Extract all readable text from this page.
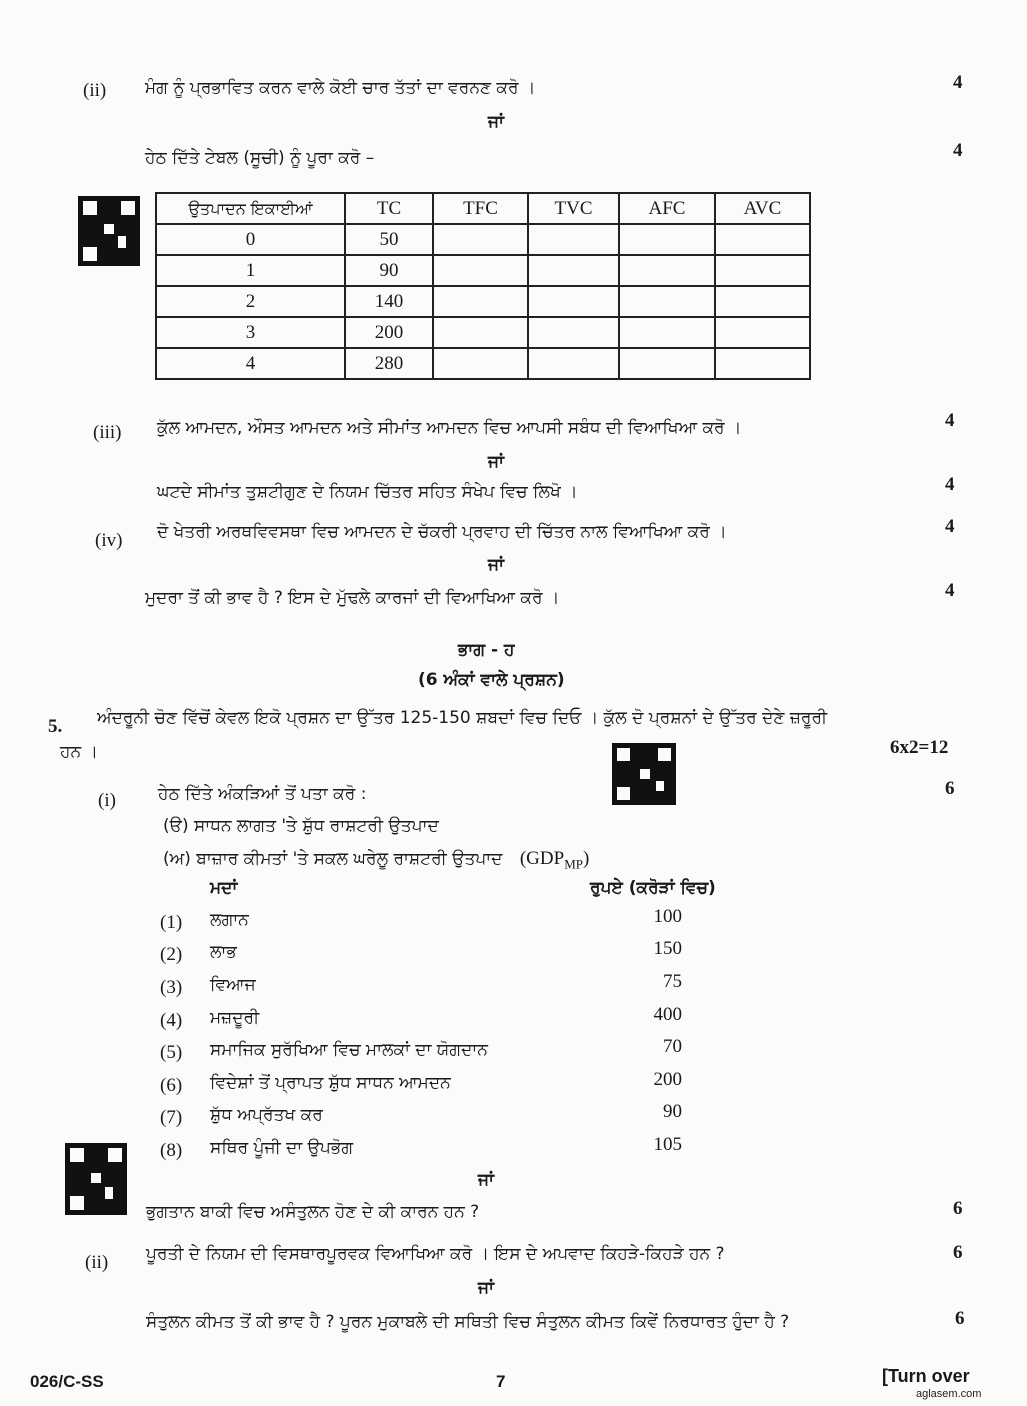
(ii) ਮੰਗ ਨੂੰ ਪ੍ਰਭਾਵਿਤ ਕਰਨ ਵਾਲੇ ਕੋਈ ਚਾਰ ਤੱਤਾਂ ਦਾ ਵਰਨਣ ਕਰੋ ।	4
ਜਾਂ
ਹੇਠ ਦਿੱਤੇ ਟੇਬਲ (ਸੂਚੀ) ਨੂੰ ਪੂਰਾ ਕਰੋ –	4
ਉਤਪਾਦਨ ਇਕਾਈਆਂ	TC	TFC	TVC	AFC	AVC
0	50				
1	90				
2	140				
3	200				
4	280				
(iii) ਕੁੱਲ ਆਮਦਨ, ਔਸਤ ਆਮਦਨ ਅਤੇ ਸੀਮਾਂਤ ਆਮਦਨ ਵਿਚ ਆਪਸੀ ਸਬੰਧ ਦੀ ਵਿਆਖਿਆ ਕਰੋ ।	4
ਜਾਂ
ਘਟਦੇ ਸੀਮਾਂਤ ਤੁਸ਼ਟੀਗੁਣ ਦੇ ਨਿਯਮ ਚਿੱਤਰ ਸਹਿਤ ਸੰਖੇਪ ਵਿਚ ਲਿਖੋ ।	4
(iv) ਦੋ ਖੇਤਰੀ ਅਰਥਵਿਵਸਥਾ ਵਿਚ ਆਮਦਨ ਦੇ ਚੱਕਰੀ ਪ੍ਰਵਾਹ ਦੀ ਚਿੱਤਰ ਨਾਲ ਵਿਆਖਿਆ ਕਰੋ ।	4
ਜਾਂ
ਮੁਦਰਾ ਤੋਂ ਕੀ ਭਾਵ ਹੈ ? ਇਸ ਦੇ ਮੁੱਢਲੇ ਕਾਰਜਾਂ ਦੀ ਵਿਆਖਿਆ ਕਰੋ ।	4
ਭਾਗ - ਹ
(6 ਅੰਕਾਂ ਵਾਲੇ ਪ੍ਰਸ਼ਨ)
5. ਅੰਦਰੂਨੀ ਚੋਣ ਵਿੱਚੋਂ ਕੇਵਲ ਇਕੋ ਪ੍ਰਸ਼ਨ ਦਾ ਉੱਤਰ 125-150 ਸ਼ਬਦਾਂ ਵਿਚ ਦਿਓ । ਕੁੱਲ ਦੋ ਪ੍ਰਸ਼ਨਾਂ ਦੇ ਉੱਤਰ ਦੇਣੇ ਜ਼ਰੂਰੀ
ਹਨ ।	6x2=12
(i) ਹੇਠ ਦਿੱਤੇ ਅੰਕੜਿਆਂ ਤੋਂ ਪਤਾ ਕਰੋ :	6
(ੳ) ਸਾਧਨ ਲਾਗਤ 'ਤੇ ਸ਼ੁੱਧ ਰਾਸ਼ਟਰੀ ਉਤਪਾਦ
(ਅ) ਬਾਜ਼ਾਰ ਕੀਮਤਾਂ 'ਤੇ ਸਕਲ ਘਰੇਲੂ ਰਾਸ਼ਟਰੀ ਉਤਪਾਦ $(GDP_{MP})$
ਮਦਾਂ	ਰੁਪਏ (ਕਰੋੜਾਂ ਵਿਚ)
(1) ਲਗਾਨ	100
(2) ਲਾਭ	150
(3) ਵਿਆਜ	75
(4) ਮਜ਼ਦੂਰੀ	400
(5) ਸਮਾਜਿਕ ਸੁਰੱਖਿਆ ਵਿਚ ਮਾਲਕਾਂ ਦਾ ਯੋਗਦਾਨ	70
(6) ਵਿਦੇਸ਼ਾਂ ਤੋਂ ਪ੍ਰਾਪਤ ਸ਼ੁੱਧ ਸਾਧਨ ਆਮਦਨ	200
(7) ਸ਼ੁੱਧ ਅਪ੍ਰੱਤਖ ਕਰ	90
(8) ਸਥਿਰ ਪੂੰਜੀ ਦਾ ਉਪਭੋਗ	105
ਜਾਂ
ਭੁਗਤਾਨ ਬਾਕੀ ਵਿਚ ਅਸੰਤੁਲਨ ਹੋਣ ਦੇ ਕੀ ਕਾਰਨ ਹਨ ?	6
(ii) ਪੂਰਤੀ ਦੇ ਨਿਯਮ ਦੀ ਵਿਸਥਾਰਪੂਰਵਕ ਵਿਆਖਿਆ ਕਰੋ । ਇਸ ਦੇ ਅਪਵਾਦ ਕਿਹੜੇ-ਕਿਹੜੇ ਹਨ ?	6
ਜਾਂ
ਸੰਤੁਲਨ ਕੀਮਤ ਤੋਂ ਕੀ ਭਾਵ ਹੈ ? ਪੂਰਨ ਮੁਕਾਬਲੇ ਦੀ ਸਥਿਤੀ ਵਿਚ ਸੰਤੁਲਨ ਕੀਮਤ ਕਿਵੇਂ ਨਿਰਧਾਰਤ ਹੁੰਦਾ ਹੈ ?	6
026/C-SS	7	[Turn over
aglasem.com
